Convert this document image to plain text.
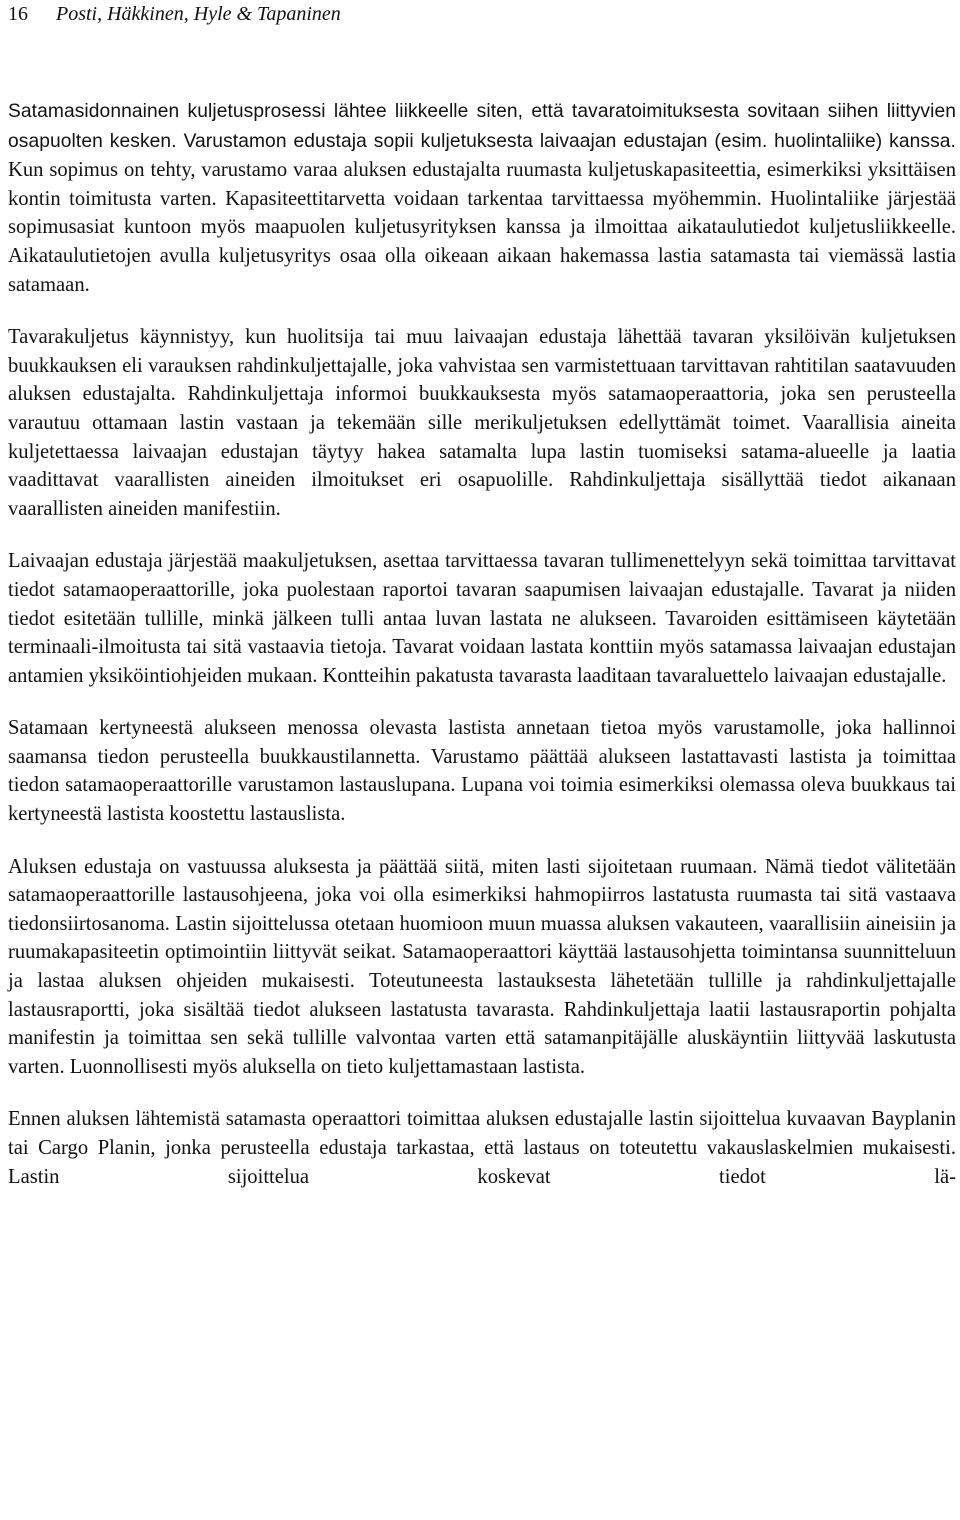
16 Posti, Häkkinen, Hyle & Tapaninen

Satamasidonnainen kuljetusprosessi lähtee liikkeelle siten, että tavaratoimituksesta sovitaan siihen liittyvien osapuolten kesken. Varustamon edustaja sopii kuljetuksesta laivaajan edustajan (esim. huolintaliike) kanssa. Kun sopimus on tehty, varustamo varaa aluksen edustajalta ruumasta kuljetuskapasiteettia, esimerkiksi yksittäisen kontin toimitusta varten. Kapasiteettitarvetta voidaan tarkentaa tarvittaessa myöhemmin. Huolintaliike järjestää sopimusasiat kuntoon myös maapuolen kuljetusyrityksen kanssa ja ilmoittaa aikataulutiedot kuljetusliikkeelle. Aikataulutietojen avulla kuljetusyritys osaa olla oikeaan aikaan hakemassa lastia satamasta tai viemässä lastia satamaan.

Tavarakuljetus käynnistyy, kun huolitsija tai muu laivaajan edustaja lähettää tavaran yksilöivän kuljetuksen buukkauksen eli varauksen rahdinkuljettajalle, joka vahvistaa sen varmistettuaan tarvittavan rahtitilan saatavuuden aluksen edustajalta. Rahdinkuljettaja informoi buukkauksesta myös satamaoperaattoria, joka sen perusteella varautuu ottamaan lastin vastaan ja tekemään sille merikuljetuksen edellyttämät toimet. Vaarallisia aineita kuljetettaessa laivaajan edustajan täytyy hakea satamalta lupa lastin tuomiseksi satama-alueelle ja laatia vaadittavat vaarallisten aineiden ilmoitukset eri osapuolille. Rahdinkuljettaja sisällyttää tiedot aikanaan vaarallisten aineiden manifestiin.

Laivaajan edustaja järjestää maakuljetuksen, asettaa tarvittaessa tavaran tullimenettelyyn sekä toimittaa tarvittavat tiedot satamaoperaattorille, joka puolestaan raportoi tavaran saapumisen laivaajan edustajalle. Tavarat ja niiden tiedot esitetään tullille, minkä jälkeen tulli antaa luvan lastata ne alukseen. Tavaroiden esittämiseen käytetään terminaali-ilmoitusta tai sitä vastaavia tietoja. Tavarat voidaan lastata konttiin myös satamassa laivaajan edustajan antamien yksiköintiohjeiden mukaan. Kontteihin pakatusta tavarasta laaditaan tavaraluettelo laivaajan edustajalle.

Satamaan kertyneestä alukseen menossa olevasta lastista annetaan tietoa myös varustamolle, joka hallinnoi saamansa tiedon perusteella buukkaustilannetta. Varustamo päättää alukseen lastattavasti lastista ja toimittaa tiedon satamaoperaattorille varustamon lastauslupana. Lupana voi toimia esimerkiksi olemassa oleva buukkaus tai kertyneestä lastista koostettu lastauslista.

Aluksen edustaja on vastuussa aluksesta ja päättää siitä, miten lasti sijoitetaan ruumaan. Nämä tiedot välitetään satamaoperaattorille lastausohjeena, joka voi olla esimerkiksi hahmopiirros lastatusta ruumasta tai sitä vastaava tiedonsiirtosanoma. Lastin sijoittelussa otetaan huomioon muun muassa aluksen vakauteen, vaarallisiin aineisiin ja ruumakapasiteetin optimointiin liittyvät seikat. Satamaoperaattori käyttää lastausohjetta toimintansa suunnitteluun ja lastaa aluksen ohjeiden mukaisesti. Toteutuneesta lastauksesta lähetetään tullille ja rahdinkuljettajalle lastausraportti, joka sisältää tiedot alukseen lastatusta tavarasta. Rahdinkuljettaja laatii lastausraportin pohjalta manifestin ja toimittaa sen sekä tullille valvontaa varten että satamanpitäjälle aluskäyntiin liittyvää laskutusta varten. Luonnollisesti myös aluksella on tieto kuljettamastaan lastista.

Ennen aluksen lähtemistä satamasta operaattori toimittaa aluksen edustajalle lastin sijoittelua kuvaavan Bayplanin tai Cargo Planin, jonka perusteella edustaja tarkastaa, että lastaus on toteutettu vakauslaskelmien mukaisesti. Lastin sijoittelua koskevat tiedot lä-
